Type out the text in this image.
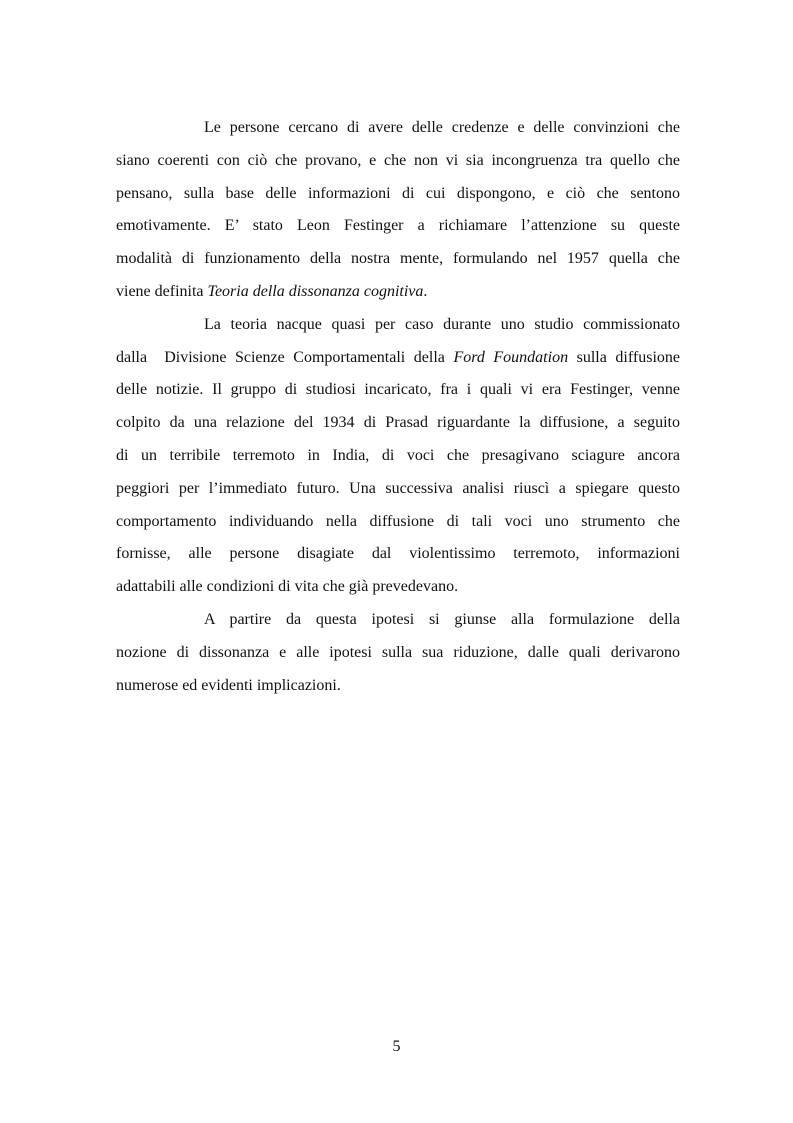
Le persone cercano di avere delle credenze e delle convinzioni che
siano coerenti con ciò che provano, e che non vi sia incongruenza tra quello che
pensano, sulla base delle informazioni di cui dispongono, e ciò che sentono
emotivamente. E’ stato Leon Festinger a richiamare l’attenzione su queste
modalità di funzionamento della nostra mente, formulando nel 1957 quella che
viene definita Teoria della dissonanza cognitiva.

La teoria nacque quasi per caso durante uno studio commissionato
dalla  Divisione Scienze Comportamentali della Ford Foundation sulla diffusione
delle notizie. Il gruppo di studiosi incaricato, fra i quali vi era Festinger, venne
colpito da una relazione del 1934 di Prasad riguardante la diffusione, a seguito
di un terribile terremoto in India, di voci che presagivano sciagure ancora
peggiori per l’immediato futuro. Una successiva analisi riuscì a spiegare questo
comportamento individuando nella diffusione di tali voci uno strumento che
fornisse, alle persone disagiate dal violentissimo terremoto, informazioni
adattabili alle condizioni di vita che già prevedevano.

A partire da questa ipotesi si giunse alla formulazione della
nozione di dissonanza e alle ipotesi sulla sua riduzione, dalle quali derivarono
numerose ed evidenti implicazioni.

5
